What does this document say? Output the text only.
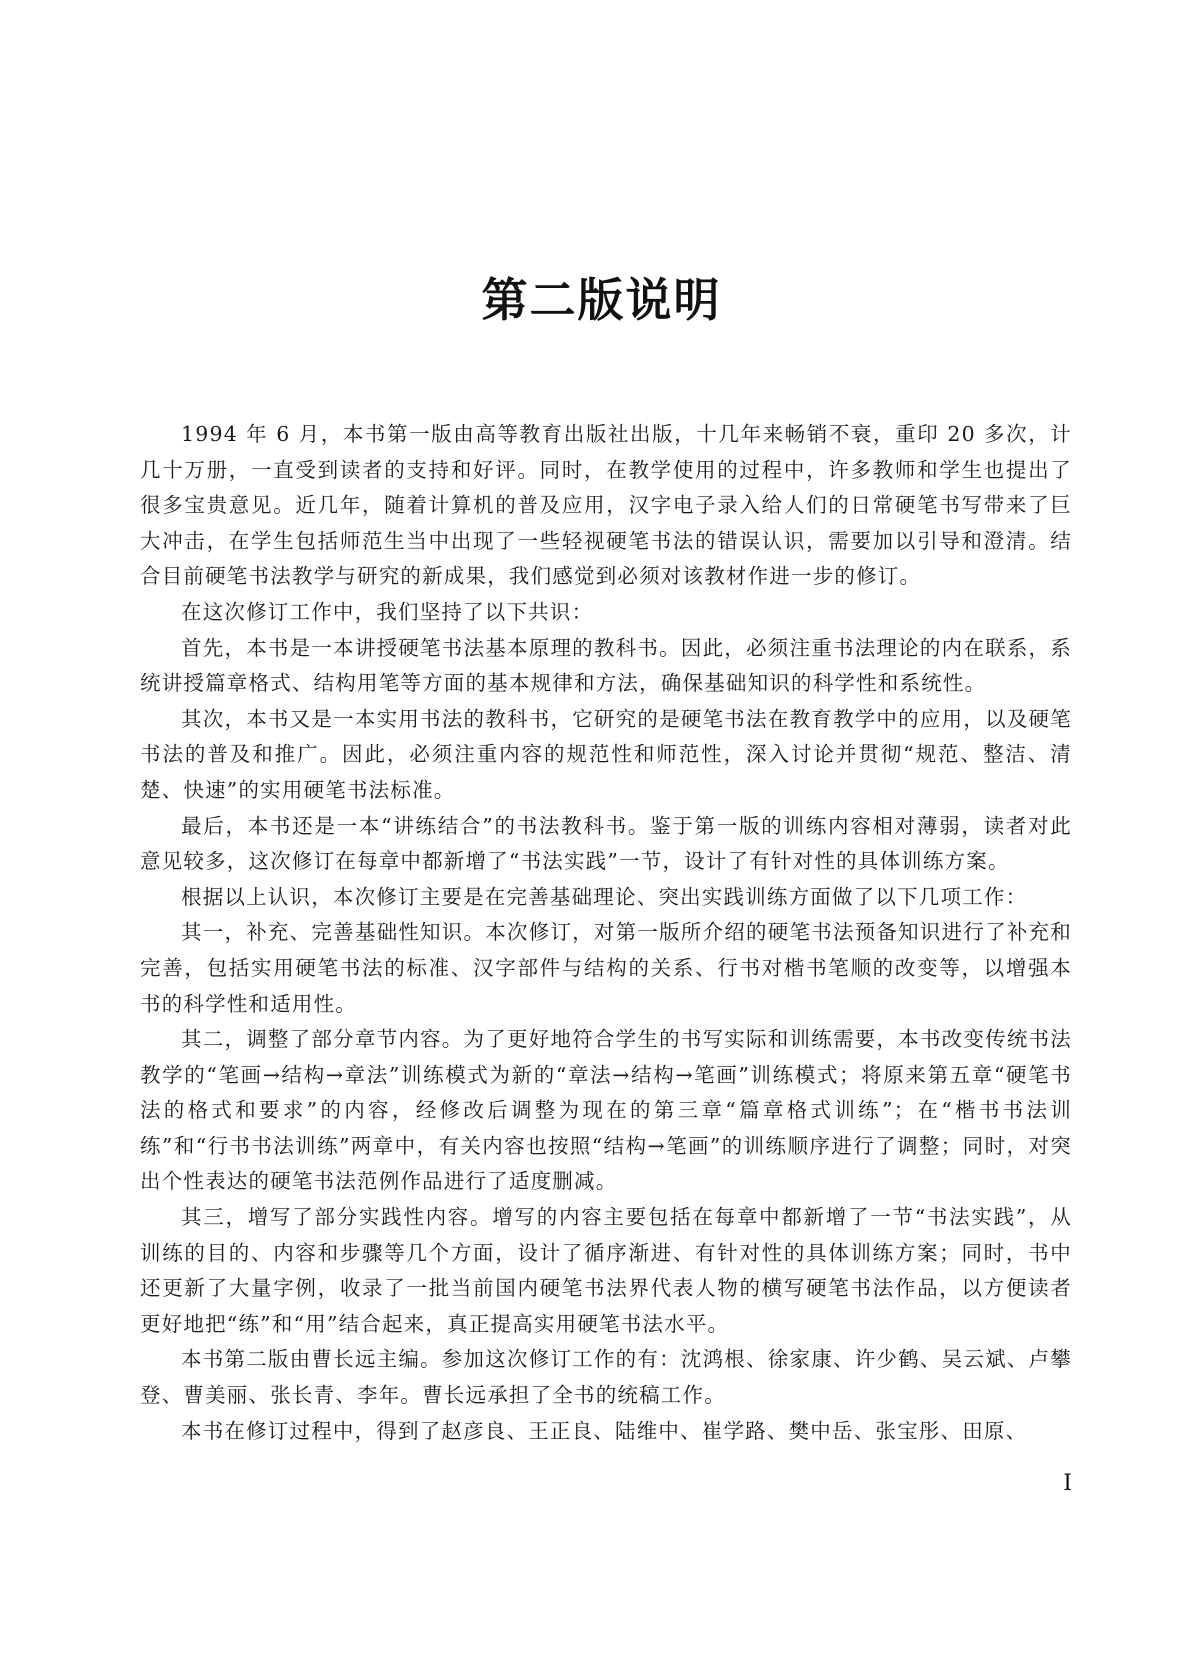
第二版说明

1994 年 6 月，本书第一版由高等教育出版社出版，十几年来畅销不衰，重印 20 多次，计几十万册，一直受到读者的支持和好评。同时，在教学使用的过程中，许多教师和学生也提出了很多宝贵意见。近几年，随着计算机的普及应用，汉字电子录入给人们的日常硬笔书写带来了巨大冲击，在学生包括师范生当中出现了一些轻视硬笔书法的错误认识，需要加以引导和澄清。结合目前硬笔书法教学与研究的新成果，我们感觉到必须对该教材作进一步的修订。

在这次修订工作中，我们坚持了以下共识：

首先，本书是一本讲授硬笔书法基本原理的教科书。因此，必须注重书法理论的内在联系，系统讲授篇章格式、结构用笔等方面的基本规律和方法，确保基础知识的科学性和系统性。

其次，本书又是一本实用书法的教科书，它研究的是硬笔书法在教育教学中的应用，以及硬笔书法的普及和推广。因此，必须注重内容的规范性和师范性，深入讨论并贯彻“规范、整洁、清楚、快速”的实用硬笔书法标准。

最后，本书还是一本“讲练结合”的书法教科书。鉴于第一版的训练内容相对薄弱，读者对此意见较多，这次修订在每章中都新增了“书法实践”一节，设计了有针对性的具体训练方案。

根据以上认识，本次修订主要是在完善基础理论、突出实践训练方面做了以下几项工作：

其一，补充、完善基础性知识。本次修订，对第一版所介绍的硬笔书法预备知识进行了补充和完善，包括实用硬笔书法的标准、汉字部件与结构的关系、行书对楷书笔顺的改变等，以增强本书的科学性和适用性。

其二，调整了部分章节内容。为了更好地符合学生的书写实际和训练需要，本书改变传统书法教学的“笔画→结构→章法”训练模式为新的“章法→结构→笔画”训练模式；将原来第五章“硬笔书法的格式和要求”的内容，经修改后调整为现在的第三章“篇章格式训练”；在“楷书书法训练”和“行书书法训练”两章中，有关内容也按照“结构→笔画”的训练顺序进行了调整；同时，对突出个性表达的硬笔书法范例作品进行了适度删减。

其三，增写了部分实践性内容。增写的内容主要包括在每章中都新增了一节“书法实践”，从训练的目的、内容和步骤等几个方面，设计了循序渐进、有针对性的具体训练方案；同时，书中还更新了大量字例，收录了一批当前国内硬笔书法界代表人物的横写硬笔书法作品，以方便读者更好地把“练”和“用”结合起来，真正提高实用硬笔书法水平。

本书第二版由曹长远主编。参加这次修订工作的有：沈鸿根、徐家康、许少鹤、吴云斌、卢攀登、曹美丽、张长青、李年。曹长远承担了全书的统稿工作。

本书在修订过程中，得到了赵彦良、王正良、陆维中、崔学路、樊中岳、张宝彤、田原、

I
